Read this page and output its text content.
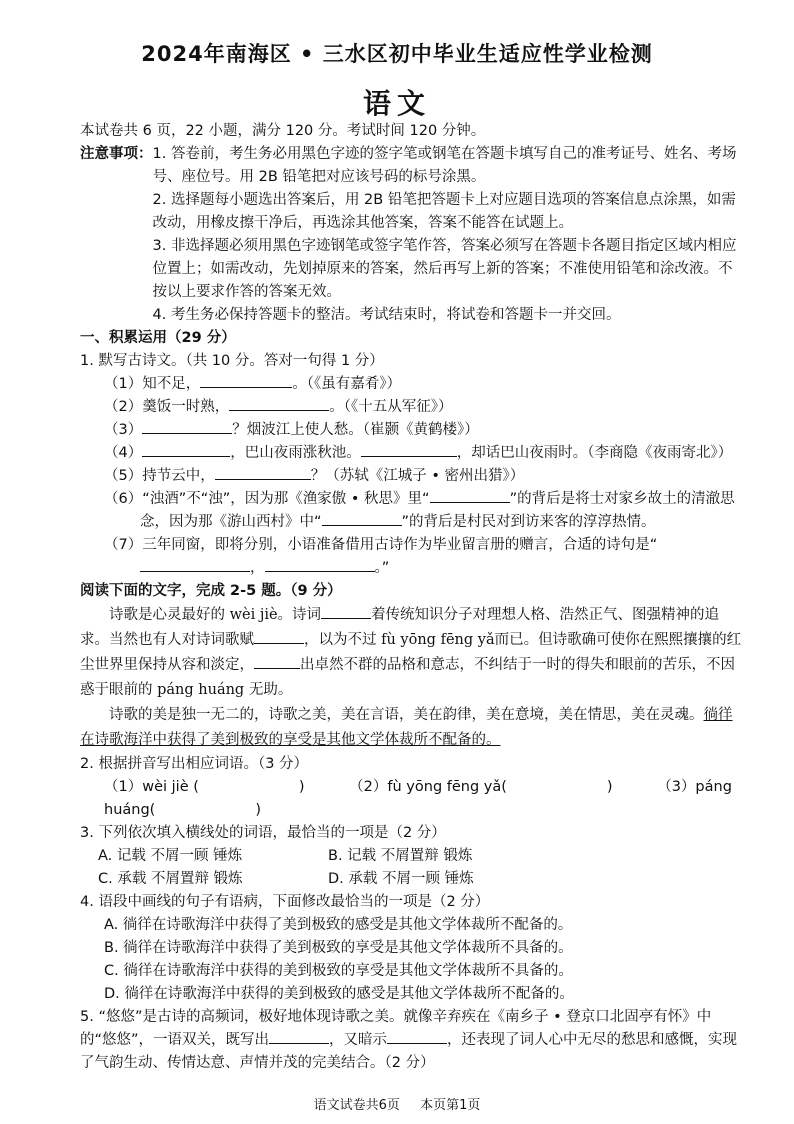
2024年南海区 • 三水区初中毕业生适应性学业检测
语文

本试卷共 6 页，22 小题，满分 120 分。考试时间 120 分钟。

注意事项： 1. 答卷前，考生务必用黑色字迹的签字笔或钢笔在答题卡填写自己的准考证号、姓名、考场号、座位号。用 2B 铅笔把对应该号码的标号涂黑。

2. 选择题每小题选出答案后，用 2B 铅笔把答题卡上对应题目选项的答案信息点涂黑，如需改动，用橡皮擦干净后，再选涂其他答案，答案不能答在试题上。

3. 非选择题必须用黑色字迹钢笔或签字笔作答，答案必须写在答题卡各题目指定区域内相应位置上；如需改动，先划掉原来的答案，然后再写上新的答案；不准使用铅笔和涂改液。不按以上要求作答的答案无效。

4. 考生务必保持答题卡的整洁。考试结束时，将试卷和答题卡一并交回。

一、积累运用（29 分）

1. 默写古诗文。（共 10 分。答对一句得 1 分）

（1）知不足，	。（《虽有嘉肴》）

（2）羹饭一时熟，	。（《十五从军征》）

（3）	？烟波江上使人愁。（崔颢《黄鹤楼》）

（4）	，巴山夜雨涨秋池。	，却话巴山夜雨时。（李商隐《夜雨寄北》）

（5）持节云中，	？（苏轼《江城子 • 密州出猎》）

（6）“浊酒”不“浊”，因为那《渔家傲 • 秋思》里“	”的背后是将士对家乡故土的清澈思念，因为那《游山西村》中“	”的背后是村民对到访来客的淳淳热情。

（7）三年同窗，即将分别，小语准备借用古诗作为毕业留言册的赠言，合适的诗句是“，	。”

阅读下面的文字，完成 2-5 题。（9 分）

诗歌是心灵最好的 wèi jiè。诗词	着传统知识分子对理想人格、浩然正气、图强精神的追求。当然也有人对诗词歌赋	，以为不过 fù yōng fēng yǎ而已。但诗歌确可使你在熙熙攘攘的红尘世界里保持从容和淡定，	出卓然不群的品格和意志，不纠结于一时的得失和眼前的苦乐，不因惑于眼前的 páng huáng 无助。

诗歌的美是独一无二的，诗歌之美，美在言语，美在韵律，美在意境，美在情思，美在灵魂。徜徉在诗歌海洋中获得了美到极致的享受是其他文学体裁所不配备的。

2. 根据拼音写出相应词语。（3 分）

（1）wèi jiè (	)	（2）fù yōng fēng yǎ(	)	（3）páng huáng(	)

3. 下列依次填入横线处的词语，最恰当的一项是（2 分）

A. 记载 不屑一顾 锤炼	B. 记载 不屑置辩 锻炼
C. 承载 不屑置辩 锻炼	D. 承载 不屑一顾 锤炼

4. 语段中画线的句子有语病，下面修改最恰当的一项是（2 分）

A. 徜徉在诗歌海洋中获得了美到极致的感受是其他文学体裁所不配备的。

B. 徜徉在诗歌海洋中获得了美到极致的享受是其他文学体裁所不具备的。

C. 徜徉在诗歌海洋中获得的美到极致的享受是其他文学体裁所不具备的。

D. 徜徉在诗歌海洋中获得的美到极致的感受是其他文学体裁所不配备的。

5. “悠悠”是古诗的高频词，极好地体现诗歌之美。就像辛弃疾在《南乡子 • 登京口北固亭有怀》中的“悠悠”，一语双关，既写出	，又暗示	，还表现了词人心中无尽的愁思和感慨，实现了气韵生动、传情达意、声情并茂的完美结合。（2 分）

语文试卷共6页 本页第1页
